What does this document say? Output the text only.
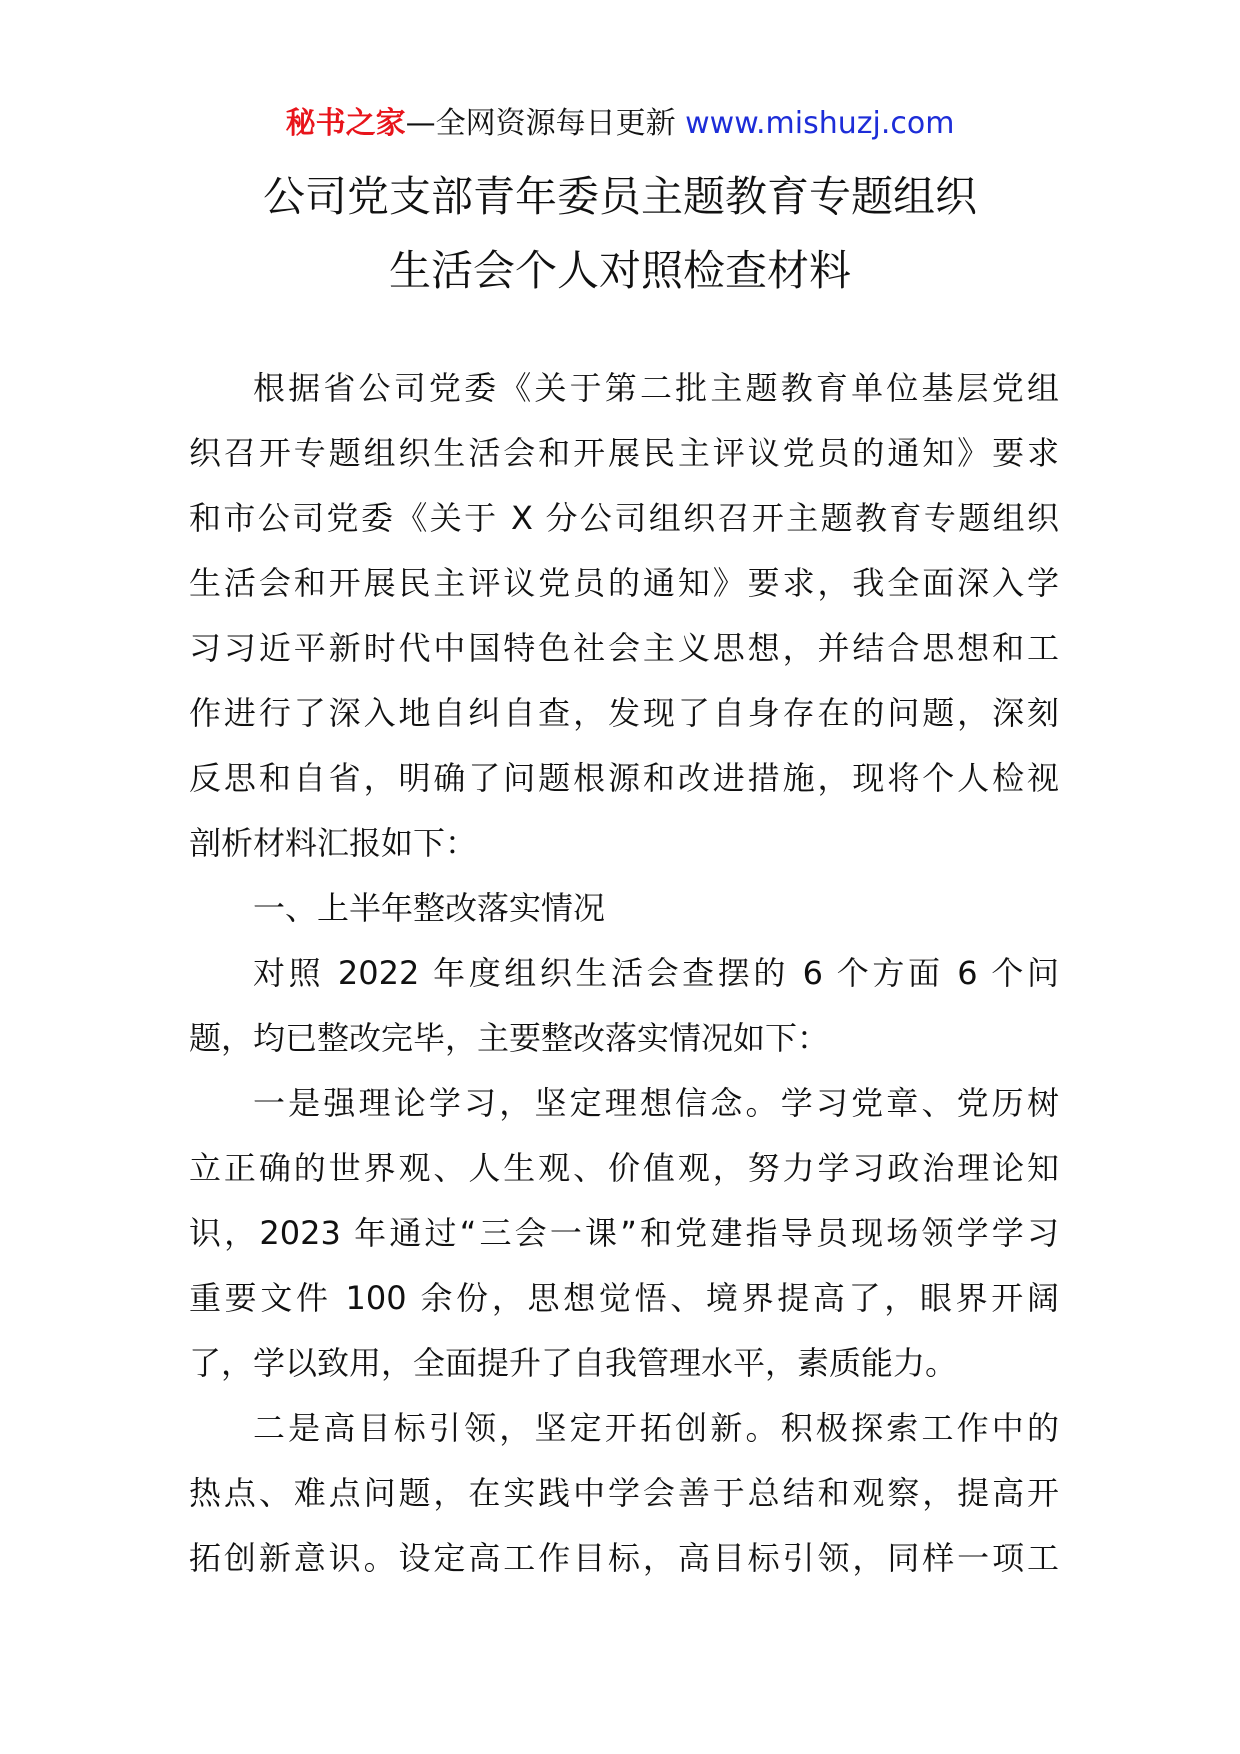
秘书之家—全网资源每日更新 www.mishuzj.com
公司党支部青年委员主题教育专题组织
生活会个人对照检查材料
根据省公司党委《关于第二批主题教育单位基层党组
织召开专题组织生活会和开展民主评议党员的通知》要求
和市公司党委《关于 X 分公司组织召开主题教育专题组织
生活会和开展民主评议党员的通知》要求，我全面深入学
习习近平新时代中国特色社会主义思想，并结合思想和工
作进行了深入地自纠自查，发现了自身存在的问题，深刻
反思和自省，明确了问题根源和改进措施，现将个人检视
剖析材料汇报如下：
一、上半年整改落实情况
对照 2022 年度组织生活会查摆的 6 个方面 6 个问
题，均已整改完毕，主要整改落实情况如下：
一是强理论学习，坚定理想信念。学习党章、党历树
立正确的世界观、人生观、价值观，努力学习政治理论知
识，2023 年通过“三会一课”和党建指导员现场领学学习
重要文件 100 余份，思想觉悟、境界提高了，眼界开阔
了，学以致用，全面提升了自我管理水平，素质能力。
二是高目标引领，坚定开拓创新。积极探索工作中的
热点、难点问题，在实践中学会善于总结和观察，提高开
拓创新意识。设定高工作目标，高目标引领，同样一项工
